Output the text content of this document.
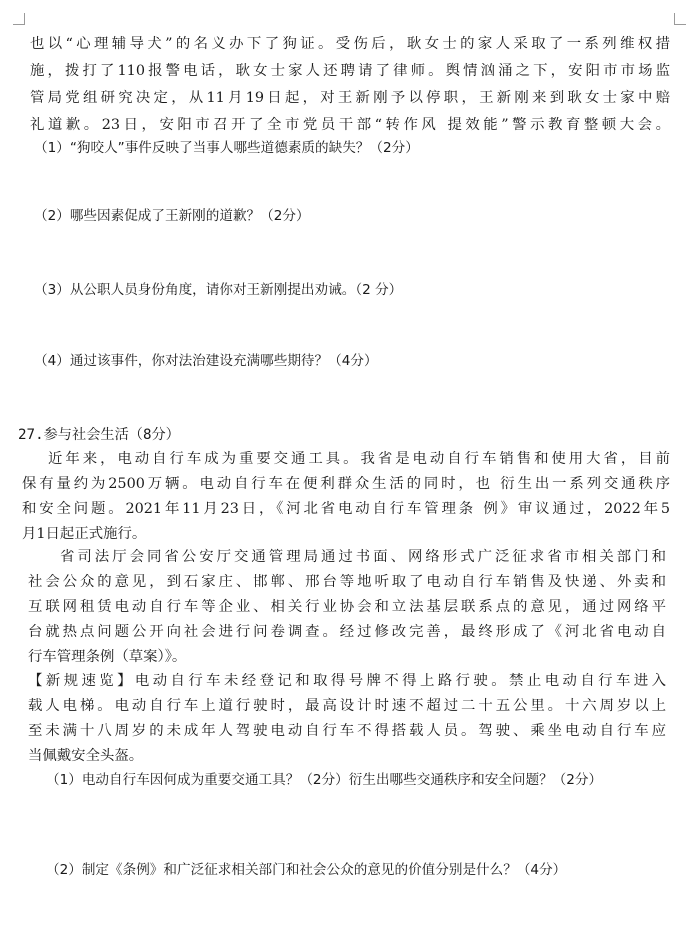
也以“心理辅导犬”的名义办下了狗证。受伤后，耿女士的家人采取了一系列维权措
施，拨打了110报警电话，耿女士家人还聘请了律师。舆情汹涌之下，安阳市市场监
管局党组研究决定，从11月19日起，对王新刚予以停职，王新刚来到耿女士家中赔
礼道歉。23日，安阳市召开了全市党员干部“转作风 提效能”警示教育整顿大会。
（1）“狗咬人”事件反映了当事人哪些道德素质的缺失？（2分）
（2）哪些因素促成了王新刚的道歉？（2分）
（3）从公职人员身份角度，请你对王新刚提出劝诫。（2 分）
（4）通过该事件，你对法治建设充满哪些期待？（4分）
27.参与社会生活（8分）
近年来，电动自行车成为重要交通工具。我省是电动自行车销售和使用大省，目前
保有量约为2500万辆。电动自行车在便利群众生活的同时，也 衍生出一系列交通秩序
和安全问题。2021年11月23日，《河北省电动自行车管理条 例》审议通过，2022年5
月1日起正式施行。
省司法厅会同省公安厅交通管理局通过书面、网络形式广泛征求省市相关部门和
社会公众的意见，到石家庄、邯郸、邢台等地听取了电动自行车销售及快递、外卖和
互联网租赁电动自行车等企业、相关行业协会和立法基层联系点的意见，通过网络平
台就热点问题公开向社会进行问卷调查。经过修改完善，最终形成了《河北省电动自
行车管理条例（草案）》。
【新规速览】电动自行车未经登记和取得号牌不得上路行驶。禁止电动自行车进入
载人电梯。电动自行车上道行驶时，最高设计时速不超过二十五公里。十六周岁以上
至未满十八周岁的未成年人驾驶电动自行车不得搭载人员。驾驶、乘坐电动自行车应
当佩戴安全头盔。
（1）电动自行车因何成为重要交通工具？（2分）衍生出哪些交通秩序和安全问题？（2分）
（2）制定《条例》和广泛征求相关部门和社会公众的意见的价值分别是什么？（4分）
